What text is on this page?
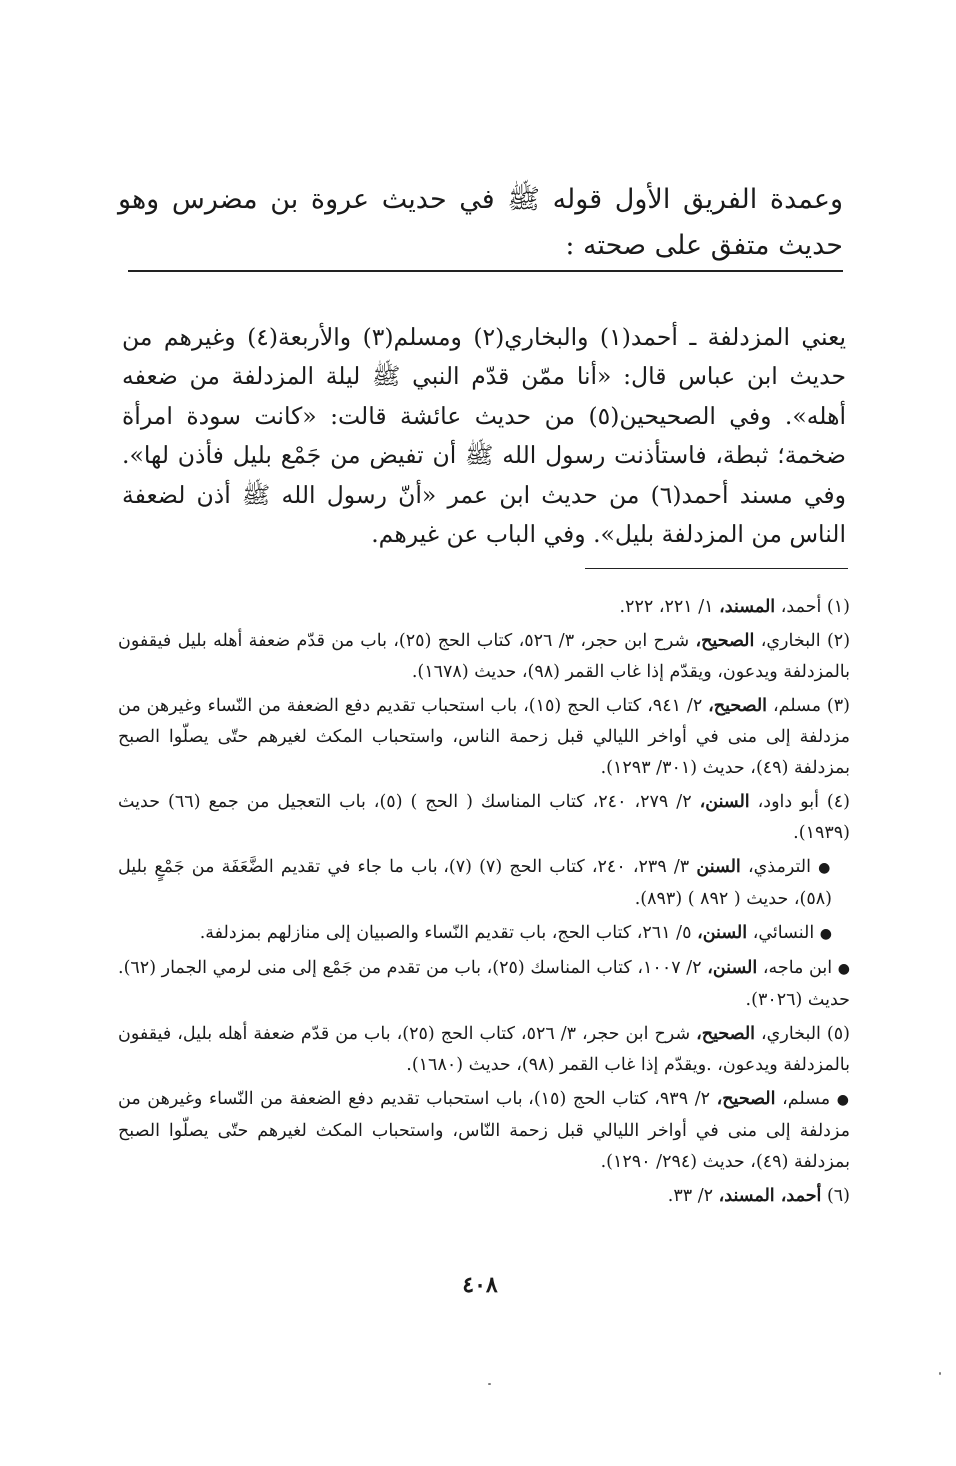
وعمدة الفريق الأول قوله ﷺ في حديث عروة بن مضرس وهو حديث متفق على صحته :

يعني المزدلفة ـ أحمد(١) والبخاري(٢) ومسلم(٣) والأربعة(٤) وغيرهم من حديث ابن عباس قال: «أنا ممّن قدّم النبي ﷺ ليلة المزدلفة من ضعفه أهله». وفي الصحيحين(٥) من حديث عائشة قالت: «كانت سودة امرأة ضخمة؛ ثبطة، فاستأذنت رسول الله ﷺ أن تفيض من جَمْع بليل فأذن لها». وفي مسند أحمد(٦) من حديث ابن عمر «أنّ رسول الله ﷺ أذن لضعفة الناس من المزدلفة بليل». وفي الباب عن غيرهم.

(١) أحمد، المسند، ١/ ٢٢١، ٢٢٢.

(٢) البخاري، الصحيح، شرح ابن حجر، ٣/ ٥٢٦، كتاب الحج (٢٥)، باب من قدّم ضعفة أهله بليل فيقفون بالمزدلفة ويدعون، ويقدّم إذا غاب القمر (٩٨)، حديث (١٦٧٨).

(٣) مسلم، الصحيح، ٢/ ٩٤١، كتاب الحج (١٥)، باب استحباب تقديم دفع الضعفة من النّساء وغيرهن من مزدلفة إلى منى في أواخر الليالي قبل زحمة الناس، واستحباب المكث لغيرهم حتّى يصلّوا الصبح بمزدلفة (٤٩)، حديث (٣٠١/ ١٢٩٣).

(٤) أبو داود، السنن، ٢/ ٢٧٩، ٢٤٠، كتاب المناسك ( الحج ) (٥)، باب التعجيل من جمع (٦٦) حديث (١٩٣٩).

● الترمذي، السنن ٣/ ٢٣٩، ٢٤٠، كتاب الحج (٧) (٧)، باب ما جاء في تقديم الضَّعَفَة من جَمْعٍ بليل (٥٨)، حديث ( ٨٩٢ ) (٨٩٣).

● النسائي، السنن، ٥/ ٢٦١، كتاب الحج، باب تقديم النّساء والصبيان إلى منازلهم بمزدلفة.

● ابن ماجه، السنن، ٢/ ١٠٠٧، كتاب المناسك (٢٥)، باب من تقدم من جَمْع إلى منى لرمي الجمار (٦٢). حديث (٣٠٢٦).

(٥) البخاري، الصحيح، شرح ابن حجر، ٣/ ٥٢٦، كتاب الحج (٢٥)، باب من قدّم ضعفة أهله بليل، فيقفون بالمزدلفة ويدعون، .ويقدّم إذا غاب القمر (٩٨)، حديث (١٦٨٠).

● مسلم، الصحيح، ٢/ ٩٣٩، كتاب الحج (١٥)، باب استحباب تقديم دفع الضعفة من النّساء وغيرهن من مزدلفة إلى منى في أواخر الليالي قبل زحمة النّاس، واستحباب المكث لغيرهم حتّى يصلّوا الصبح بمزدلفة (٤٩)، حديث (٢٩٤/ ١٢٩٠).

(٦) أحمد، المسند، ٢/ ٣٣.

٤٠٨
